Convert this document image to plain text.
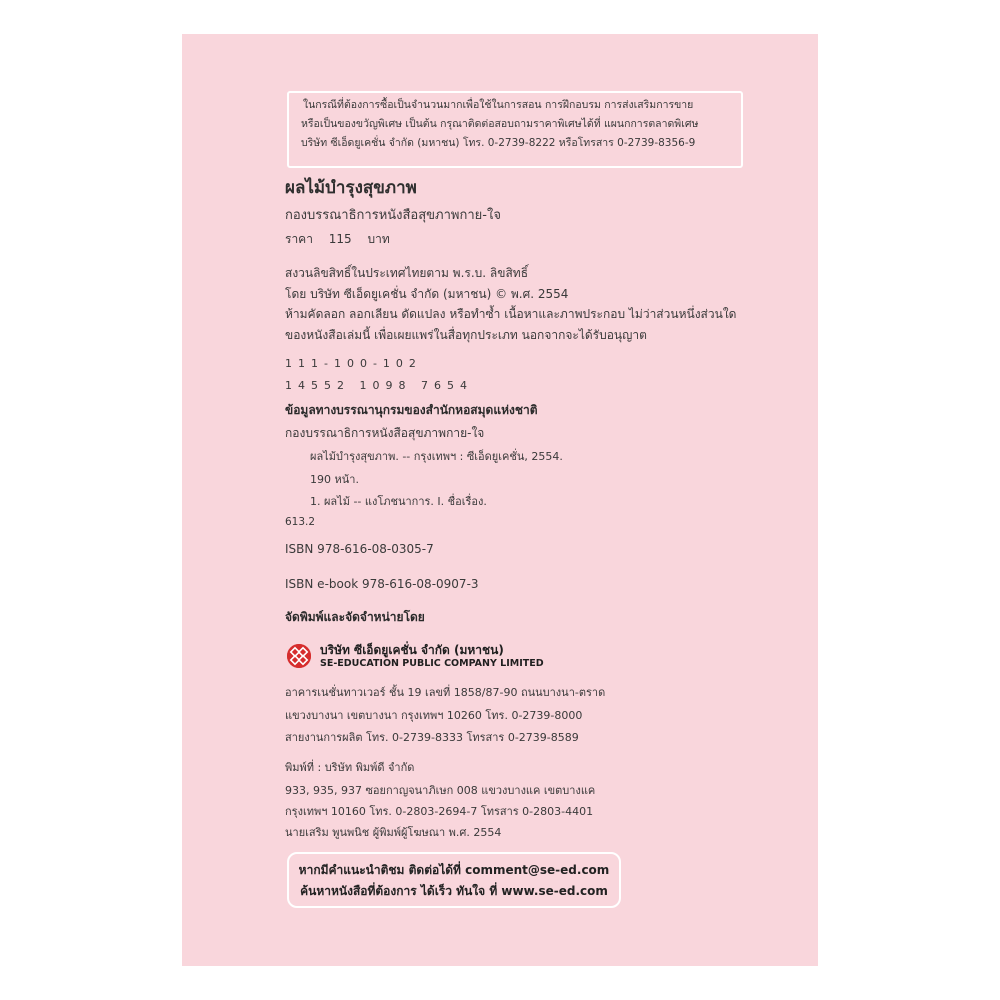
ในกรณีที่ต้องการซื้อเป็นจำนวนมากเพื่อใช้ในการสอน การฝึกอบรม การส่งเสริมการขาย
หรือเป็นของขวัญพิเศษ เป็นต้น กรุณาติดต่อสอบถามราคาพิเศษได้ที่ แผนกการตลาดพิเศษ
บริษัท ซีเอ็ดยูเคชั่น จำกัด (มหาชน) โทร. 0-2739-8222 หรือโทรสาร 0-2739-8356-9
ผลไม้บำรุงสุขภาพ
กองบรรณาธิการหนังสือสุขภาพกาย-ใจ
ราคา 115 บาท
สงวนลิขสิทธิ์ในประเทศไทยตาม พ.ร.บ. ลิขสิทธิ์
โดย บริษัท ซีเอ็ดยูเคชั่น จำกัด (มหาชน) © พ.ศ. 2554
ห้ามคัดลอก ลอกเลียน ดัดแปลง หรือทำซ้ำ เนื้อหาและภาพประกอบ ไม่ว่าส่วนหนึ่งส่วนใด
ของหนังสือเล่มนี้ เพื่อเผยแพร่ในสื่อทุกประเภท นอกจากจะได้รับอนุญาต
111-100-102
14552 1098 7654
ข้อมูลทางบรรณานุกรมของสำนักหอสมุดแห่งชาติ
กองบรรณาธิการหนังสือสุขภาพกาย-ใจ
ผลไม้บำรุงสุขภาพ. -- กรุงเทพฯ : ซีเอ็ดยูเคชั่น, 2554.
190 หน้า.
1. ผลไม้ -- แงโภชนาการ. I. ชื่อเรื่อง.
613.2
ISBN 978-616-08-0305-7
ISBN e-book 978-616-08-0907-3
จัดพิมพ์และจัดจำหน่ายโดย
บริษัท ซีเอ็ดยูเคชั่น จำกัด (มหาชน)
SE-EDUCATION PUBLIC COMPANY LIMITED
อาคารเนชั่นทาวเวอร์ ชั้น 19 เลขที่ 1858/87-90 ถนนบางนา-ตราด
แขวงบางนา เขตบางนา กรุงเทพฯ 10260 โทร. 0-2739-8000
สายงานการผลิต โทร. 0-2739-8333 โทรสาร 0-2739-8589
พิมพ์ที่ : บริษัท พิมพ์ดี จำกัด
933, 935, 937 ซอยกาญจนาภิเษก 008 แขวงบางแค เขตบางแค
กรุงเทพฯ 10160 โทร. 0-2803-2694-7 โทรสาร 0-2803-4401
นายเสริม พูนพนิช ผู้พิมพ์ผู้โฆษณา พ.ศ. 2554
หากมีคำแนะนำติชม ติดต่อได้ที่ comment@se-ed.com
ค้นหาหนังสือที่ต้องการ ได้เร็ว ทันใจ ที่ www.se-ed.com
